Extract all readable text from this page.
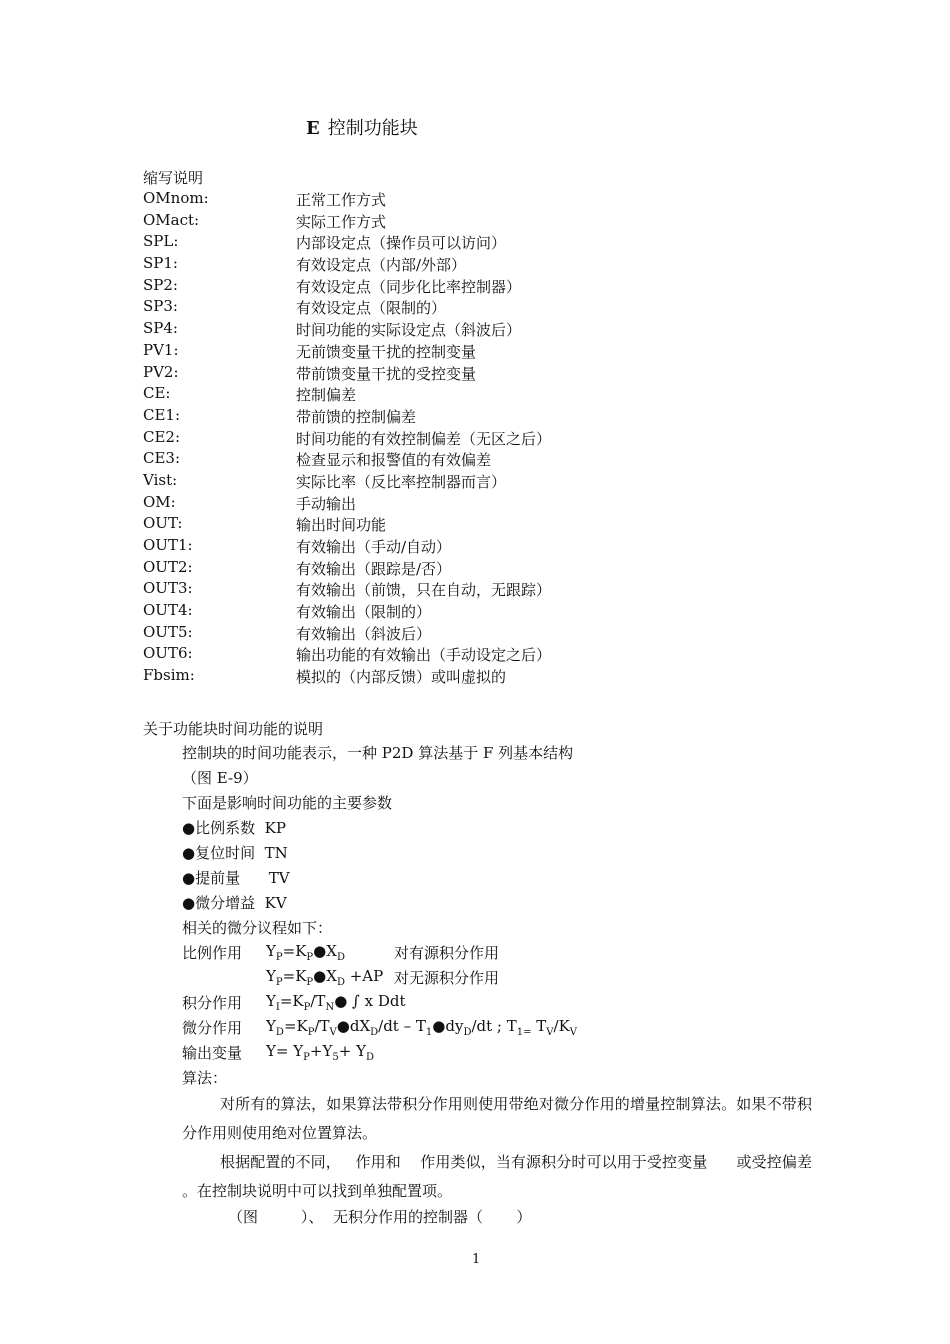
E 控制功能块
缩写说明
OMnom:	正常工作方式
OMact:	实际工作方式
SPL:	内部设定点（操作员可以访问）
SP1:	有效设定点（内部/外部）
SP2:	有效设定点（同步化比率控制器）
SP3:	有效设定点（限制的）
SP4:	时间功能的实际设定点（斜波后）
PV1:	无前馈变量干扰的控制变量
PV2:	带前馈变量干扰的受控变量
CE:	控制偏差
CE1:	带前馈的控制偏差
CE2:	时间功能的有效控制偏差（无区之后）
CE3:	检查显示和报警值的有效偏差
Vist:	实际比率（反比率控制器而言）
OM:	手动输出
OUT:	输出时间功能
OUT1:	有效输出（手动/自动）
OUT2:	有效输出（跟踪是/否）
OUT3:	有效输出（前馈，只在自动，无跟踪）
OUT4:	有效输出（限制的）
OUT5:	有效输出（斜波后）
OUT6:	输出功能的有效输出（手动设定之后）
Fbsim:	模拟的（内部反馈）或叫虚拟的
关于功能块时间功能的说明
控制块的时间功能表示，一种 P2D 算法基于 F 列基本结构
（图 E-9）
下面是影响时间功能的主要参数
●比例系数  KP
●复位时间  TN
●提前量      TV
●微分增益  KV
相关的微分议程如下：
比例作用 $Y_P=K_P●X_D$	对有源积分作用
$Y_P=K_P●X_D +AP$ 对无源积分作用
积分作用 $Y_I=K_P/T_N●$ ∫ x Ddt
微分作用 $Y_D=K_P/T_V●dX_D/dt$ – $T_1●dy_D/dt$ ; $T_{1=}$ $T_V/K_V$
输出变量 $Y= Y_P+Y_5+ Y_D$
算法：
对所有的算法，如果算法带积分作用则使用带绝对微分作用的增量控制算法。如果不带积分作用则使用绝对位置算法。
根据配置的不同，   作用和    作用类似，当有源积分时可以用于受控变量      或受控偏差     。在控制块说明中可以找到单独配置项。
（图         ）、  无积分作用的控制器（       ）
1
